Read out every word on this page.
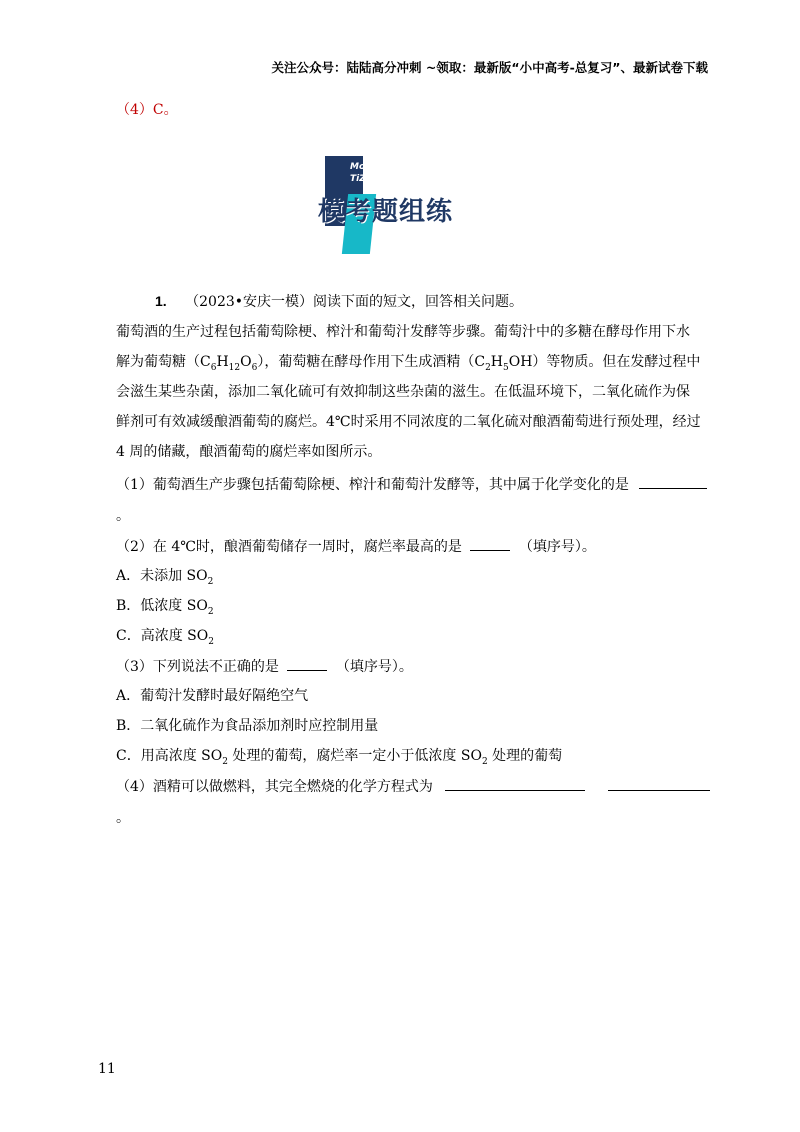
关注公众号：陆陆高分冲刺 ~领取：最新版“小中高考-总复习”、最新试卷下载
（4）C。
MoKao
TiZuLian
模考题组练
1. （2023•安庆一模）阅读下面的短文，回答相关问题。
葡萄酒的生产过程包括葡萄除梗、榨汁和葡萄汁发酵等步骤。葡萄汁中的多糖在酵母作用下水
解为葡萄糖$(C_6H_{12}O_6)$，葡萄糖在酵母作用下生成酒精$(C_2H_5OH)$等物质。但在发酵过程中
会滋生某些杂菌，添加二氧化硫可有效抑制这些杂菌的滋生。在低温环境下，二氧化硫作为保
鲜剂可有效减缓酿酒葡萄的腐烂。4℃时采用不同浓度的二氧化硫对酿酒葡萄进行预处理，经过
4 周的储藏，酿酒葡萄的腐烂率如图所示。
（1）葡萄酒生产步骤包括葡萄除梗、榨汁和葡萄汁发酵等，其中属于化学变化的是
。
（2）在 4℃时，酿酒葡萄储存一周时，腐烂率最高的是	（填序号）。
A．未添加 $SO_2$
B．低浓度 $SO_2$
C．高浓度 $SO_2$
（3）下列说法不正确的是	（填序号）。
A．葡萄汁发酵时最好隔绝空气
B．二氧化硫作为食品添加剂时应控制用量
C．用高浓度 $SO_2$ 处理的葡萄，腐烂率一定小于低浓度 $SO_2$ 处理的葡萄
（4）酒精可以做燃料，其完全燃烧的化学方程式为
。
11
